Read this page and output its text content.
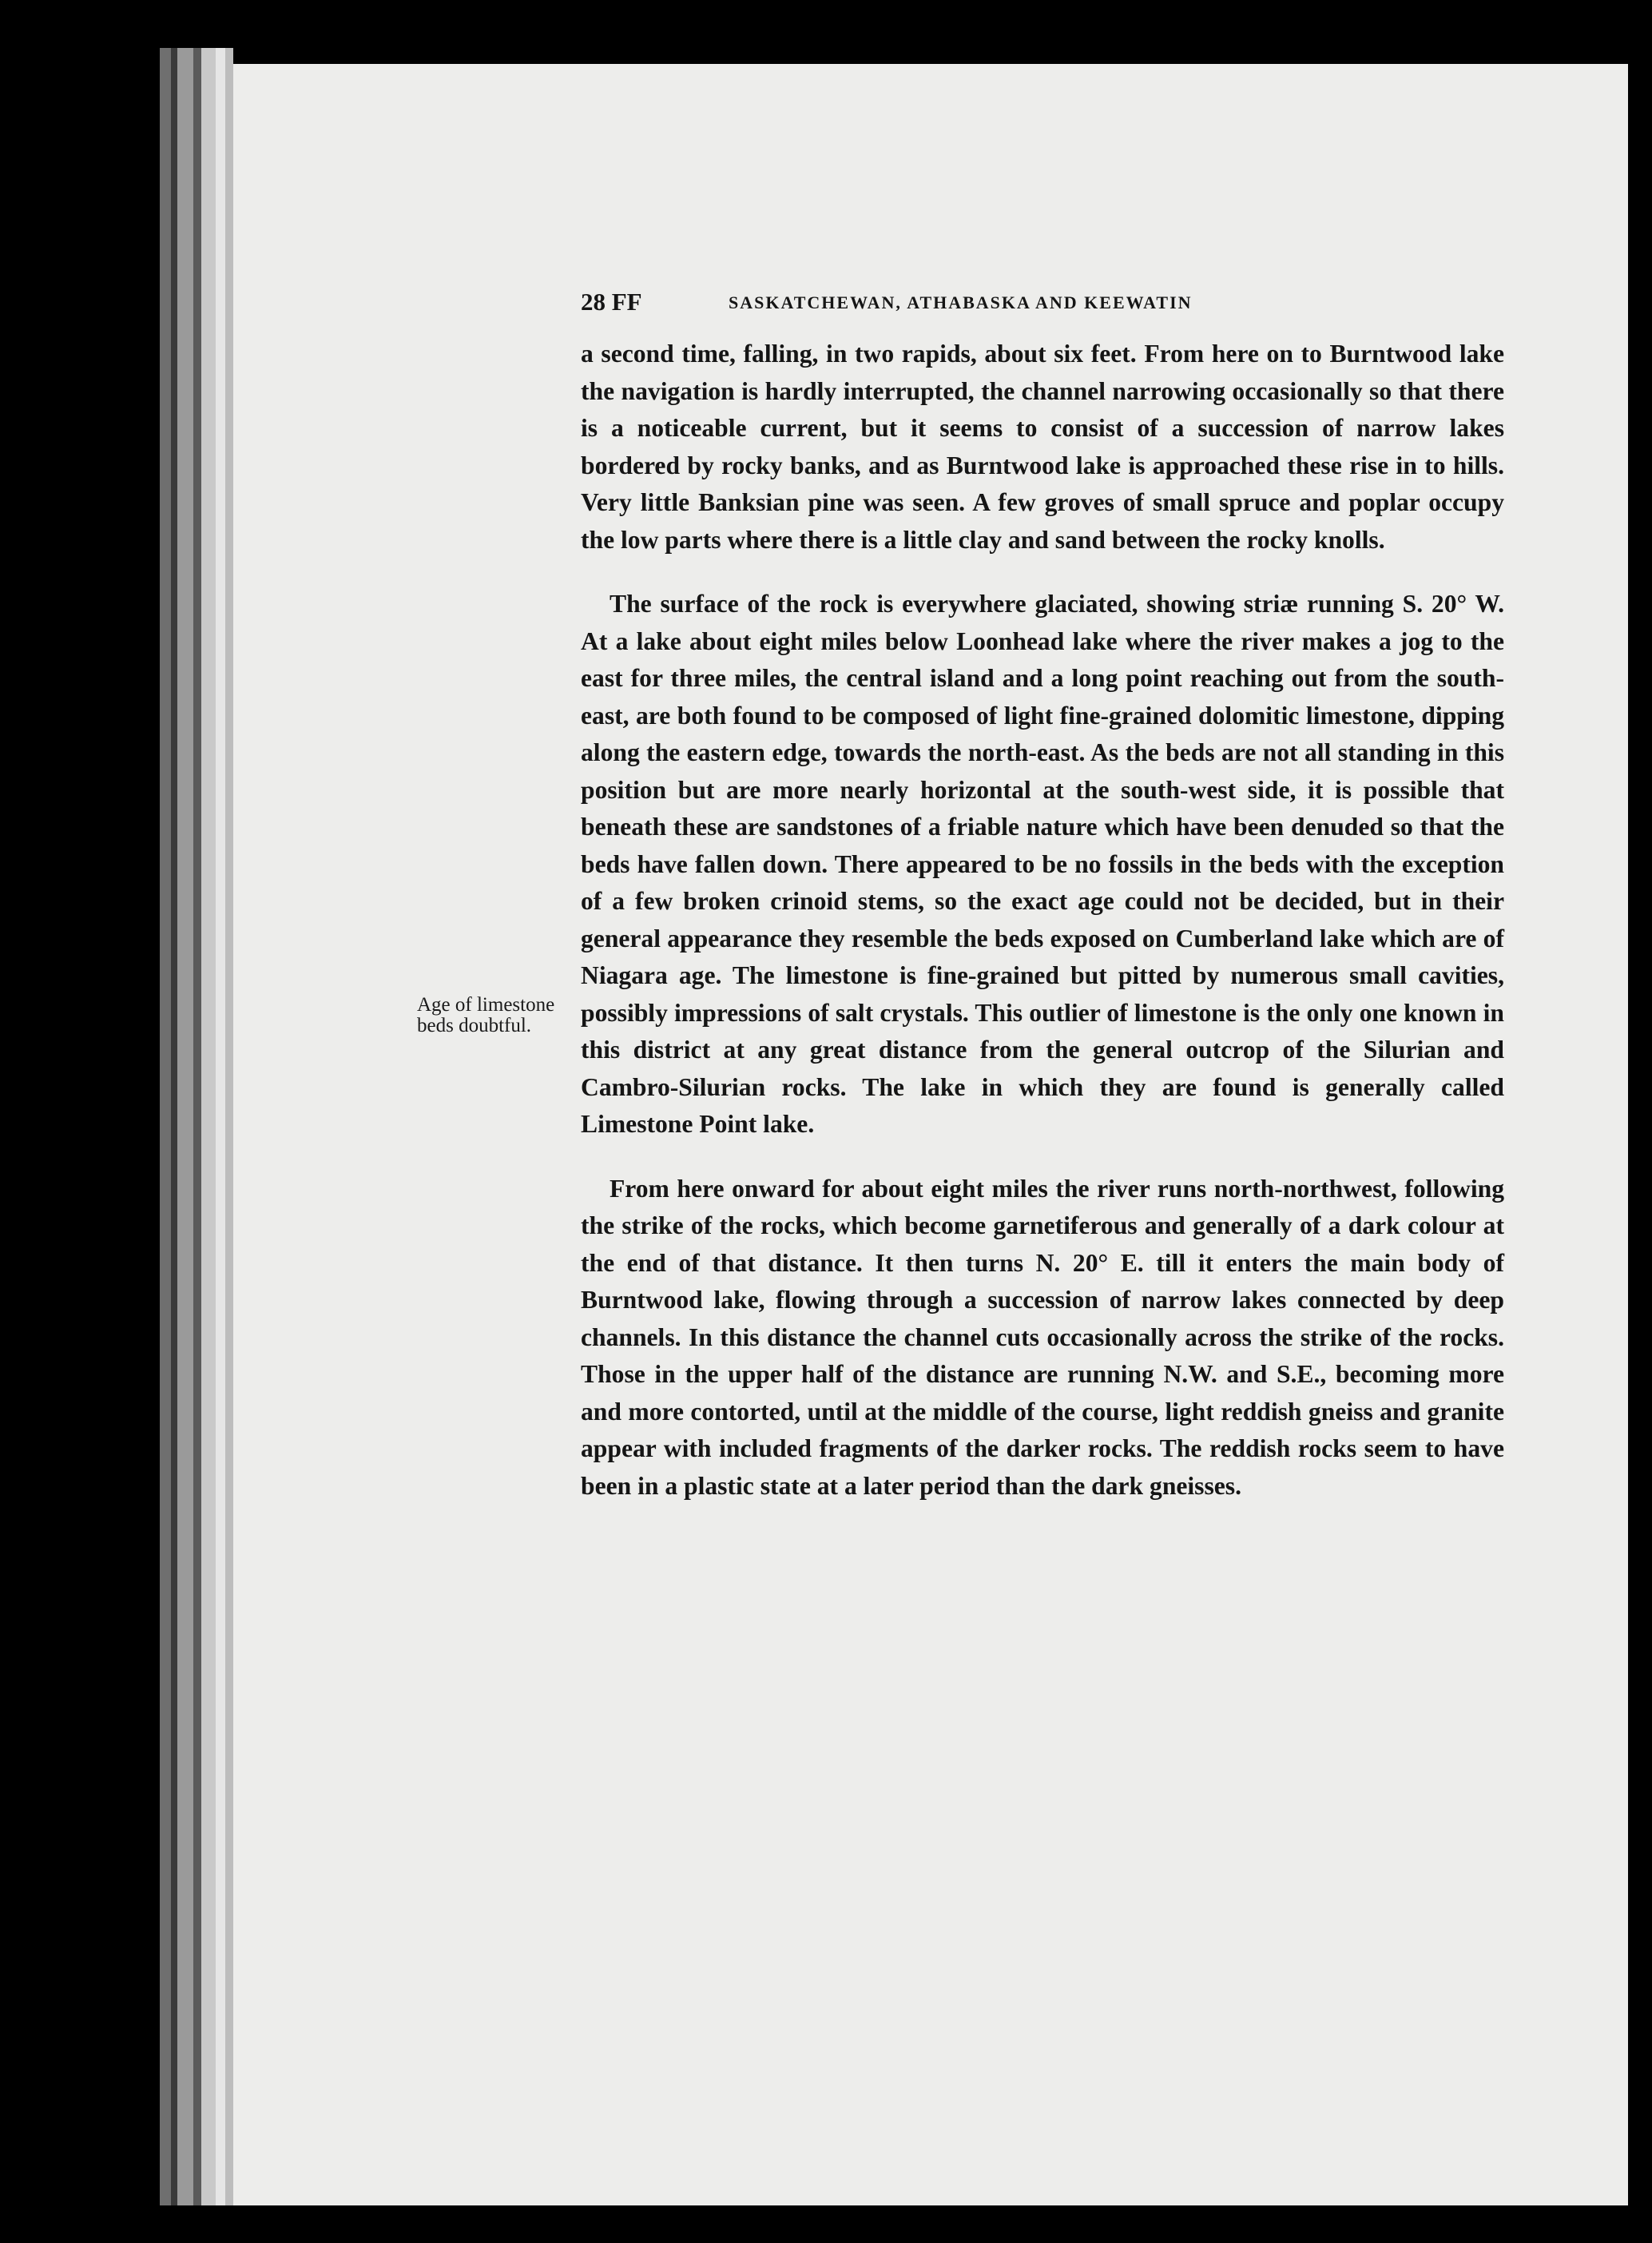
Age of limestone beds doubtful.
28 FF	SASKATCHEWAN, ATHABASKA AND KEEWATIN

a second time, falling, in two rapids, about six feet. From here on to Burntwood lake the navigation is hardly interrupted, the channel narrowing occasionally so that there is a noticeable current, but it seems to consist of a succession of narrow lakes bordered by rocky banks, and as Burntwood lake is approached these rise in to hills. Very little Banksian pine was seen. A few groves of small spruce and poplar occupy the low parts where there is a little clay and sand between the rocky knolls.

The surface of the rock is everywhere glaciated, showing striæ running S. 20° W. At a lake about eight miles below Loonhead lake where the river makes a jog to the east for three miles, the central island and a long point reaching out from the south-east, are both found to be composed of light fine-grained dolomitic limestone, dipping along the eastern edge, towards the north-east. As the beds are not all standing in this position but are more nearly horizontal at the south-west side, it is possible that beneath these are sandstones of a friable nature which have been denuded so that the beds have fallen down. There appeared to be no fossils in the beds with the exception of a few broken crinoid stems, so the exact age could not be decided, but in their general appearance they resemble the beds exposed on Cumberland lake which are of Niagara age. The limestone is fine-grained but pitted by numerous small cavities, possibly impressions of salt crystals. This outlier of limestone is the only one known in this district at any great distance from the general outcrop of the Silurian and Cambro-Silurian rocks. The lake in which they are found is generally called Limestone Point lake.

From here onward for about eight miles the river runs north-northwest, following the strike of the rocks, which become garnetiferous and generally of a dark colour at the end of that distance. It then turns N. 20° E. till it enters the main body of Burntwood lake, flowing through a succession of narrow lakes connected by deep channels. In this distance the channel cuts occasionally across the strike of the rocks. Those in the upper half of the distance are running N.W. and S.E., becoming more and more contorted, until at the middle of the course, light reddish gneiss and granite appear with included fragments of the darker rocks. The reddish rocks seem to have been in a plastic state at a later period than the dark gneisses.
